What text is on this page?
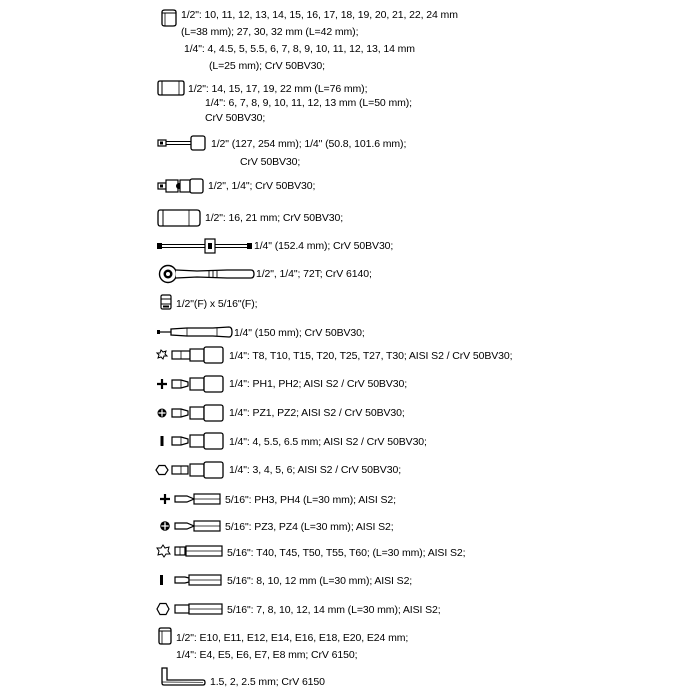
1/2": 10, 11, 12, 13, 14, 15, 16, 17, 18, 19, 20, 21, 22, 24 mm
(L=38 mm); 27, 30, 32 mm (L=42 mm);
1/4": 4, 4.5, 5, 5.5, 6, 7, 8, 9, 10, 11, 12, 13, 14 mm
(L=25 mm); CrV 50BV30;
1/2": 14, 15, 17, 19, 22 mm (L=76 mm);
1/4": 6, 7, 8, 9, 10, 11, 12, 13 mm (L=50 mm);
CrV 50BV30;
1/2" (127, 254 mm); 1/4" (50.8, 101.6 mm);
CrV 50BV30;
1/2", 1/4"; CrV 50BV30;
1/2": 16, 21 mm; CrV 50BV30;
1/4" (152.4 mm); CrV 50BV30;
1/2", 1/4"; 72T; CrV 6140;
1/2"(F) x 5/16"(F);
1/4" (150 mm); CrV 50BV30;
1/4": T8, T10, T15, T20, T25, T27, T30; AISI S2 / CrV 50BV30;
1/4": PH1, PH2; AISI S2 / CrV 50BV30;
1/4": PZ1, PZ2; AISI S2 / CrV 50BV30;
1/4": 4, 5.5, 6.5 mm; AISI S2 / CrV 50BV30;
1/4": 3, 4, 5, 6; AISI S2 / CrV 50BV30;
5/16": PH3, PH4 (L=30 mm); AISI S2;
5/16": PZ3, PZ4 (L=30 mm); AISI S2;
5/16": T40, T45, T50, T55, T60; (L=30 mm); AISI S2;
5/16": 8, 10, 12 mm (L=30 mm); AISI S2;
5/16": 7, 8, 10, 12, 14 mm (L=30 mm); AISI S2;
1/2": E10, E11, E12, E14, E16, E18, E20, E24 mm;
1/4": E4, E5, E6, E7, E8 mm; CrV 6150;
1.5, 2, 2.5 mm; CrV 6150
